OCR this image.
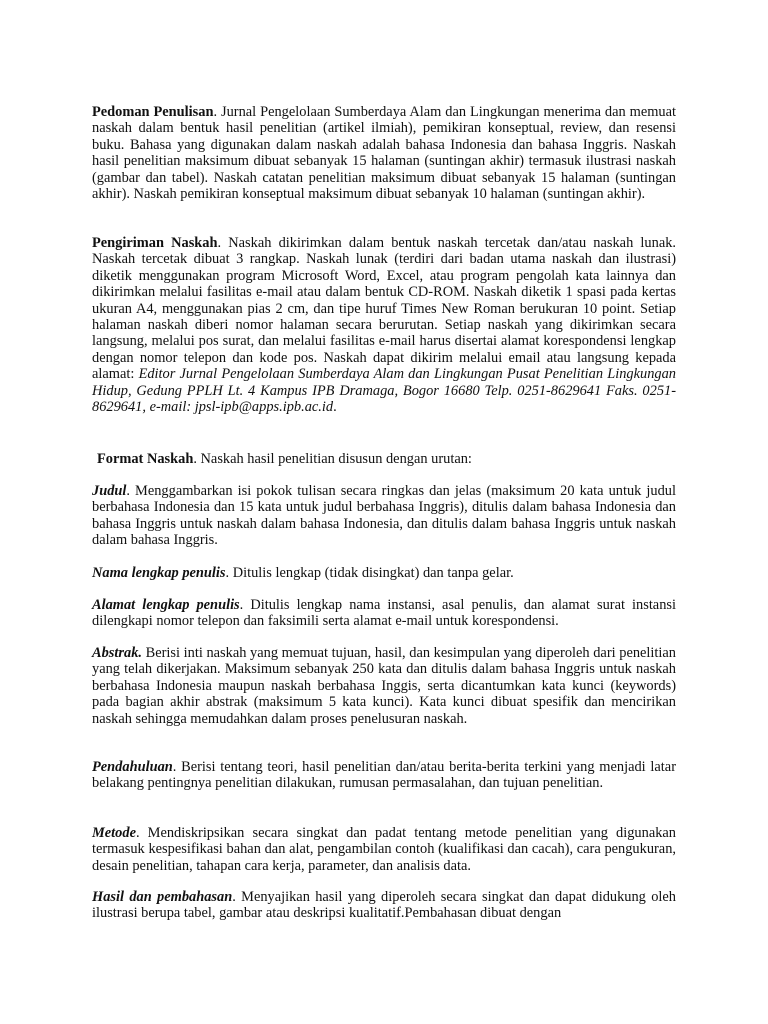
Pedoman Penulisan. Jurnal Pengelolaan Sumberdaya Alam dan Lingkungan menerima dan memuat naskah dalam bentuk hasil penelitian (artikel ilmiah), pemikiran konseptual, review, dan resensi buku. Bahasa yang digunakan dalam naskah adalah bahasa Indonesia dan bahasa Inggris. Naskah hasil penelitian maksimum dibuat sebanyak 15 halaman (suntingan akhir) termasuk ilustrasi naskah (gambar dan tabel). Naskah catatan penelitian maksimum dibuat sebanyak 15 halaman (suntingan akhir). Naskah pemikiran konseptual maksimum dibuat sebanyak 10 halaman (suntingan akhir).

Pengiriman Naskah. Naskah dikirimkan dalam bentuk naskah tercetak dan/atau naskah lunak. Naskah tercetak dibuat 3 rangkap. Naskah lunak (terdiri dari badan utama naskah dan ilustrasi) diketik menggunakan program Microsoft Word, Excel, atau program pengolah kata lainnya dan dikirimkan melalui fasilitas e-mail atau dalam bentuk CD-ROM. Naskah diketik 1 spasi pada kertas ukuran A4, menggunakan pias 2 cm, dan tipe huruf Times New Roman berukuran 10 point. Setiap halaman naskah diberi nomor halaman secara berurutan. Setiap naskah yang dikirimkan secara langsung, melalui pos surat, dan melalui fasilitas e-mail harus disertai alamat korespondensi lengkap dengan nomor telepon dan kode pos. Naskah dapat dikirim melalui email atau langsung kepada alamat: Editor Jurnal Pengelolaan Sumberdaya Alam dan Lingkungan Pusat Penelitian Lingkungan Hidup, Gedung PPLH Lt. 4 Kampus IPB Dramaga, Bogor 16680 Telp. 0251-8629641 Faks. 0251-8629641, e-mail: jpsl-ipb@apps.ipb.ac.id.

Format Naskah. Naskah hasil penelitian disusun dengan urutan:

Judul. Menggambarkan isi pokok tulisan secara ringkas dan jelas (maksimum 20 kata untuk judul berbahasa Indonesia dan 15 kata untuk judul berbahasa Inggris), ditulis dalam bahasa Indonesia dan bahasa Inggris untuk naskah dalam bahasa Indonesia, dan ditulis dalam bahasa Inggris untuk naskah dalam bahasa Inggris.

Nama lengkap penulis. Ditulis lengkap (tidak disingkat) dan tanpa gelar.

Alamat lengkap penulis. Ditulis lengkap nama instansi, asal penulis, dan alamat surat instansi dilengkapi nomor telepon dan faksimili serta alamat e-mail untuk korespondensi.

Abstrak. Berisi inti naskah yang memuat tujuan, hasil, dan kesimpulan yang diperoleh dari penelitian yang telah dikerjakan. Maksimum sebanyak 250 kata dan ditulis dalam bahasa Inggris untuk naskah berbahasa Indonesia maupun naskah berbahasa Inggis, serta dicantumkan kata kunci (keywords) pada bagian akhir abstrak (maksimum 5 kata kunci). Kata kunci dibuat spesifik dan mencirikan naskah sehingga memudahkan dalam proses penelusuran naskah.

Pendahuluan. Berisi tentang teori, hasil penelitian dan/atau berita-berita terkini yang menjadi latar belakang pentingnya penelitian dilakukan, rumusan permasalahan, dan tujuan penelitian.

Metode. Mendiskripsikan secara singkat dan padat tentang metode penelitian yang digunakan termasuk kespesifikasi bahan dan alat, pengambilan contoh (kualifikasi dan cacah), cara pengukuran, desain penelitian, tahapan cara kerja, parameter, dan analisis data.

Hasil dan pembahasan. Menyajikan hasil yang diperoleh secara singkat dan dapat didukung oleh ilustrasi berupa tabel, gambar atau deskripsi kualitatif.Pembahasan dibuat dengan
